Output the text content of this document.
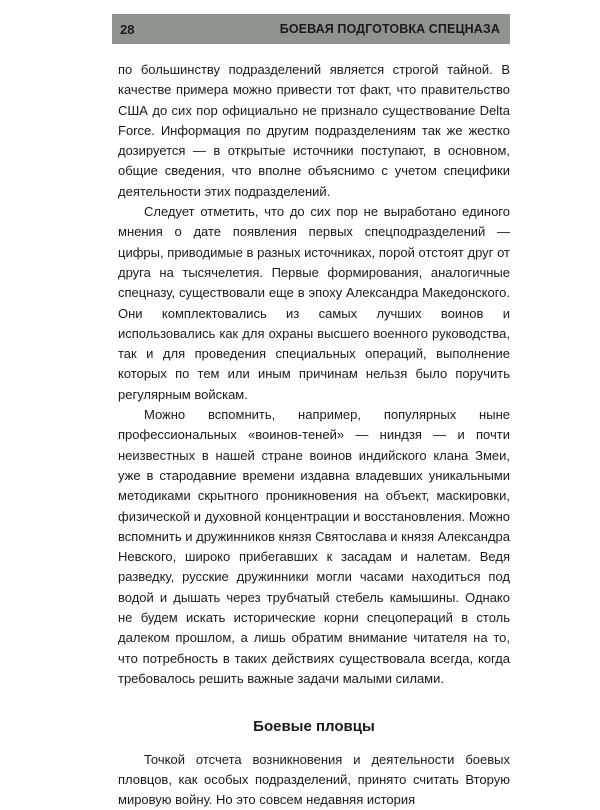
28	БОЕВАЯ ПОДГОТОВКА СПЕЦНАЗА

по большинству подразделений является строгой тайной. В качестве примера можно привести тот факт, что правительство США до сих пор официально не признало существование Delta Force. Информация по другим подразделениям так же жестко дозируется — в открытые источники поступают, в основном, общие сведения, что вполне объяснимо с учетом специфики деятельности этих подразделений.

Следует отметить, что до сих пор не выработано единого мнения о дате появления первых спецподразделений — цифры, приводимые в разных источниках, порой отстоят друг от друга на тысячелетия. Первые формирования, аналогичные спецназу, существовали еще в эпоху Александра Македонского. Они комплектовались из самых лучших воинов и использовались как для охраны высшего военного руководства, так и для проведения специальных операций, выполнение которых по тем или иным причинам нельзя было поручить регулярным войскам.

Можно вспомнить, например, популярных ныне профессиональных «воинов-теней» — ниндзя — и почти неизвестных в нашей стране воинов индийского клана Змеи, уже в стародавние времени издавна владевших уникальными методиками скрытного проникновения на объект, маскировки, физической и духовной концентрации и восстановления. Можно вспомнить и дружинников князя Святослава и князя Александра Невского, широко прибегавших к засадам и налетам. Ведя разведку, русские дружинники могли часами находиться под водой и дышать через трубчатый стебель камышины. Однако не будем искать исторические корни спецопераций в столь далеком прошлом, а лишь обратим внимание читателя на то, что потребность в таких действиях существовала всегда, когда требовалось решить важные задачи малыми силами.

Боевые пловцы

Точкой отсчета возникновения и деятельности боевых пловцов, как особых подразделений, принято считать Вторую мировую войну. Но это совсем недавняя история
